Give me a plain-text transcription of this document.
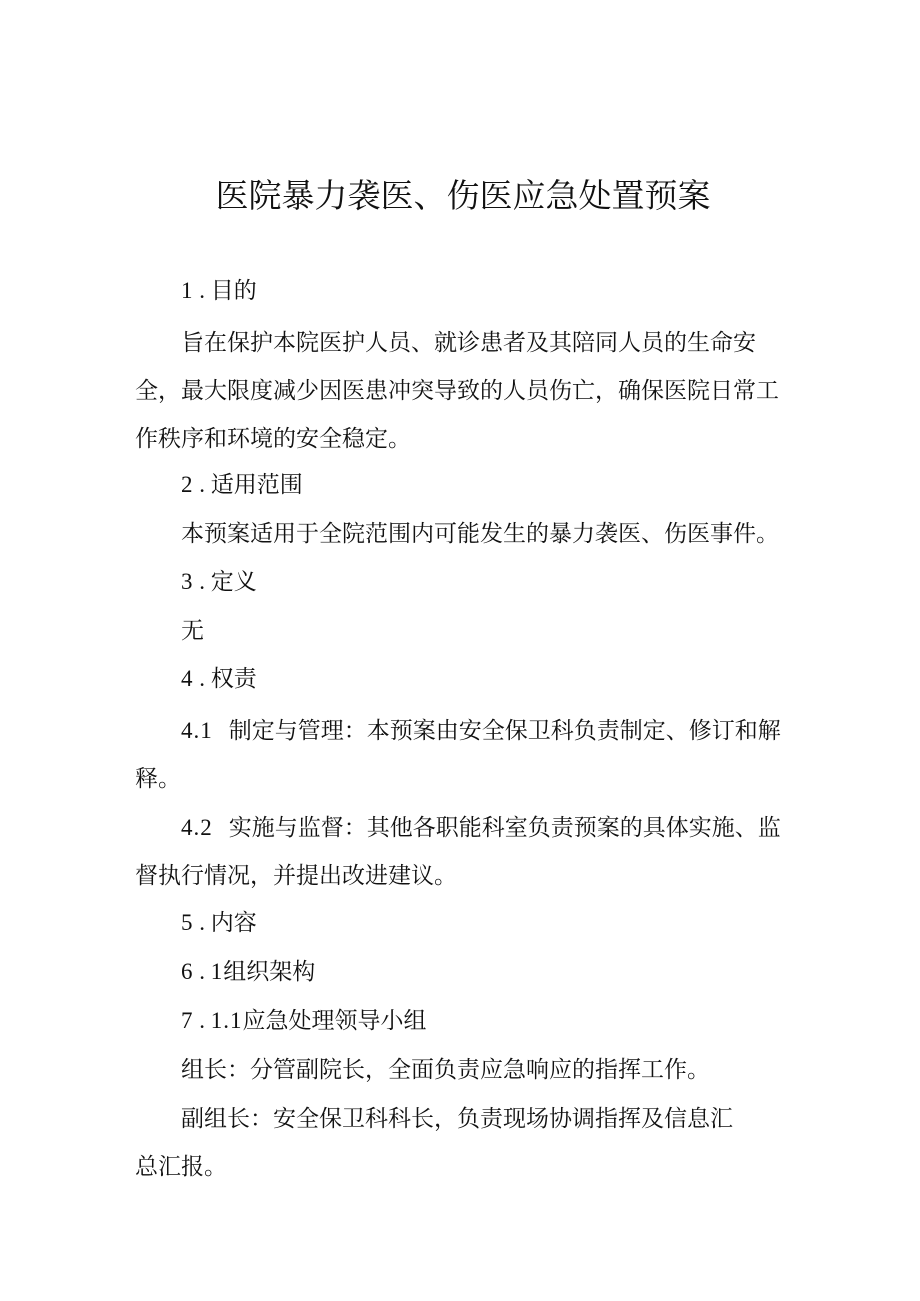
医院暴力袭医、伤医应急处置预案
1 . 目的
旨在保护本院医护人员、就诊患者及其陪同人员的生命安全，最大限度减少因医患冲突导致的人员伤亡，确保医院日常工作秩序和环境的安全稳定。
2 . 适用范围
本预案适用于全院范围内可能发生的暴力袭医、伤医事件。
3 . 定义
无
4 . 权责
4.1 制定与管理：本预案由安全保卫科负责制定、修订和解释。
4.2 实施与监督：其他各职能科室负责预案的具体实施、监督执行情况，并提出改进建议。
5 . 内容
6 . 1组织架构
7 . 1.1应急处理领导小组
组长：分管副院长，全面负责应急响应的指挥工作。
副组长：安全保卫科科长，负责现场协调指挥及信息汇总汇报。
